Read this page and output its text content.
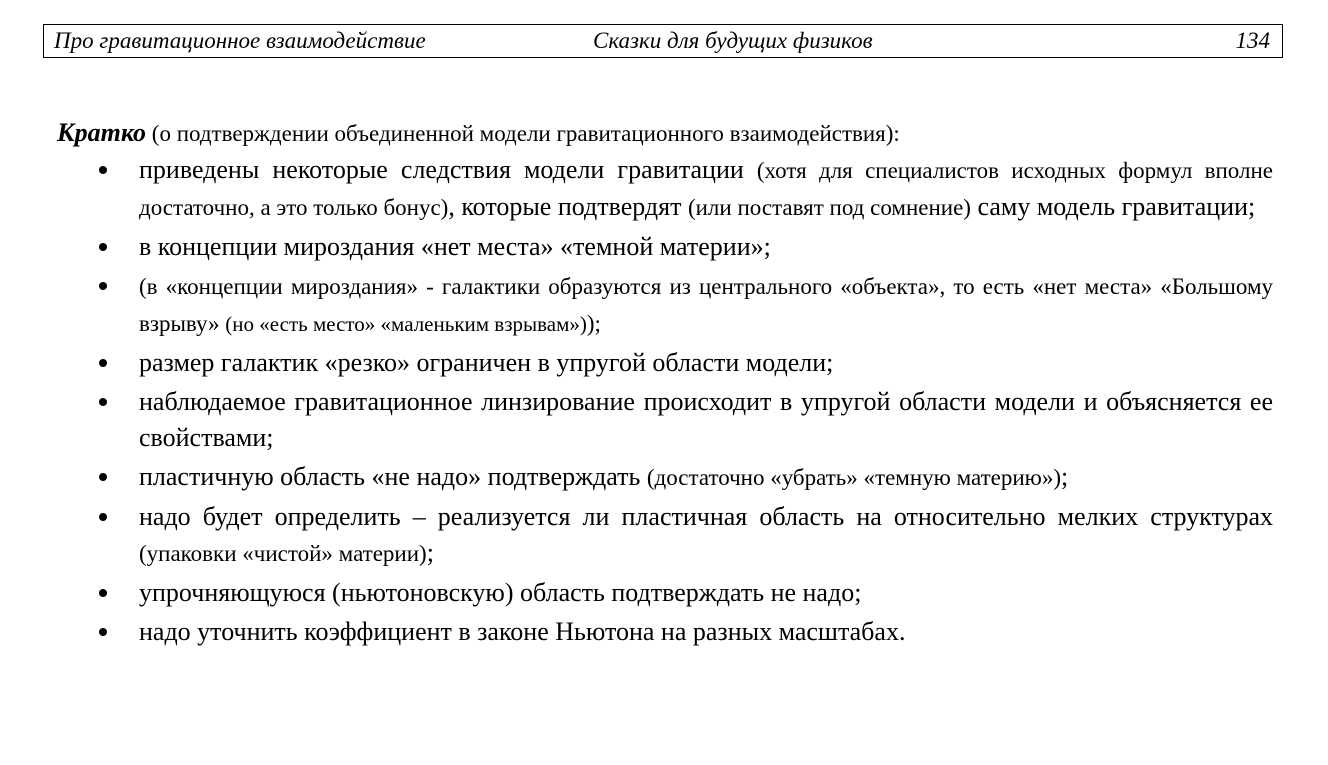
Про гравитационное взаимодействие	Сказки для будущих физиков	134

Кратко (о подтверждении объединенной модели гравитационного взаимодействия):

приведены некоторые следствия модели гравитации (хотя для специалистов исходных формул вполне достаточно, а это только бонус), которые подтвердят (или поставят под сомнение) саму модель гравитации;
в концепции мироздания «нет места» «темной материи»;
(в «концепции мироздания» - галактики образуются из центрального «объекта», то есть «нет места» «Большому взрыву» (но «есть место» «маленьким взрывам»));
размер галактик «резко» ограничен в упругой области модели;
наблюдаемое гравитационное линзирование происходит в упругой области модели и объясняется ее свойствами;
пластичную область «не надо» подтверждать (достаточно «убрать» «темную материю»);
надо будет определить – реализуется ли пластичная область на относительно мелких структурах (упаковки «чистой» материи);
упрочняющуюся (ньютоновскую) область подтверждать не надо;
надо уточнить коэффициент в законе Ньютона на разных масштабах.
